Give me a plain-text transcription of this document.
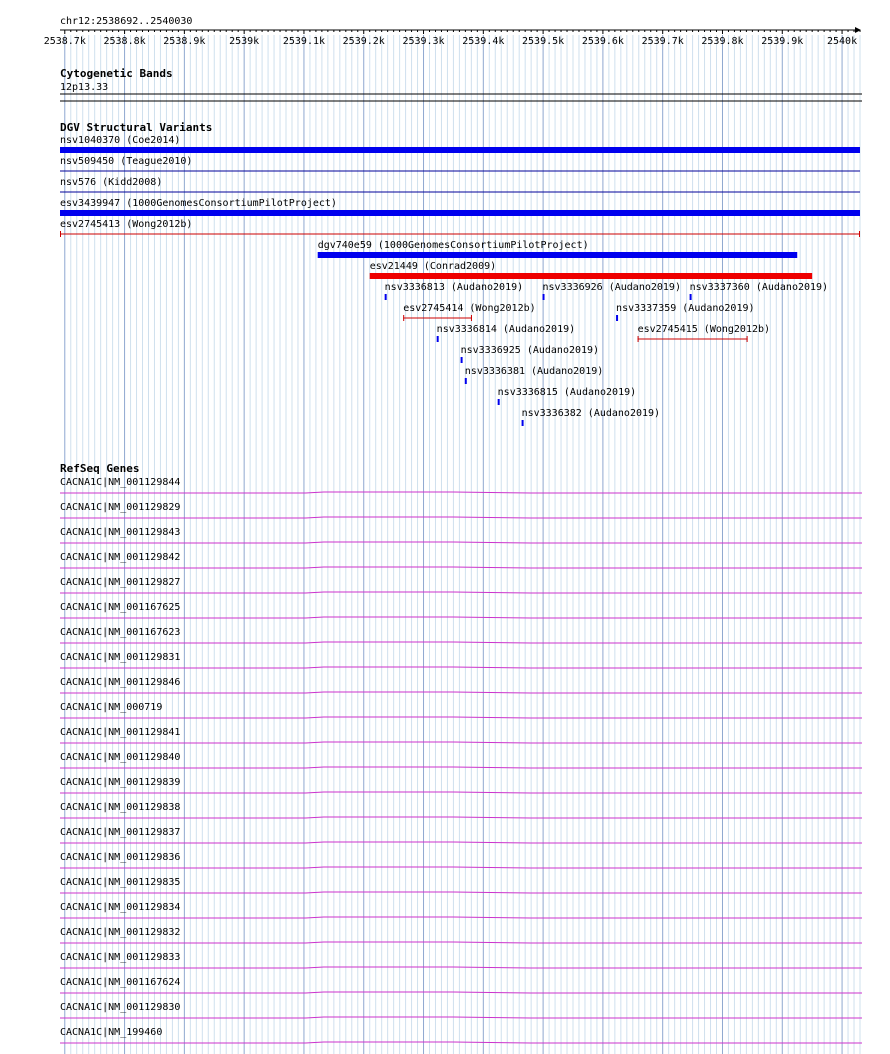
chr12:2538692..2540030
2538.7k 2538.8k 2538.9k 2539k 2539.1k 2539.2k 2539.3k 2539.4k 2539.5k 2539.6k 2539.7k 2539.8k 2539.9k 2540k
Cytogenetic Bands
12p13.33
DGV Structural Variants
nsv1040370 (Coe2014)
nsv509450 (Teague2010)
nsv576 (Kidd2008)
esv3439947 (1000GenomesConsortiumPilotProject)
esv2745413 (Wong2012b)
dgv740e59 (1000GenomesConsortiumPilotProject)
esv21449 (Conrad2009)
nsv3336813 (Audano2019) nsv3336926 (Audano2019) nsv3337360 (Audano2019)
esv2745414 (Wong2012b)	nsv3337359 (Audano2019)
nsv3336814 (Audano2019)	esv2745415 (Wong2012b)
nsv3336925 (Audano2019)
nsv3336381 (Audano2019)
nsv3336815 (Audano2019)
nsv3336382 (Audano2019)
RefSeq Genes
CACNA1C|NM_001129844
CACNA1C|NM_001129829
CACNA1C|NM_001129843
CACNA1C|NM_001129842
CACNA1C|NM_001129827
CACNA1C|NM_001167625
CACNA1C|NM_001167623
CACNA1C|NM_001129831
CACNA1C|NM_001129846
CACNA1C|NM_000719
CACNA1C|NM_001129841
CACNA1C|NM_001129840
CACNA1C|NM_001129839
CACNA1C|NM_001129838
CACNA1C|NM_001129837
CACNA1C|NM_001129836
CACNA1C|NM_001129835
CACNA1C|NM_001129834
CACNA1C|NM_001129832
CACNA1C|NM_001129833
CACNA1C|NM_001167624
CACNA1C|NM_001129830
CACNA1C|NM_199460
